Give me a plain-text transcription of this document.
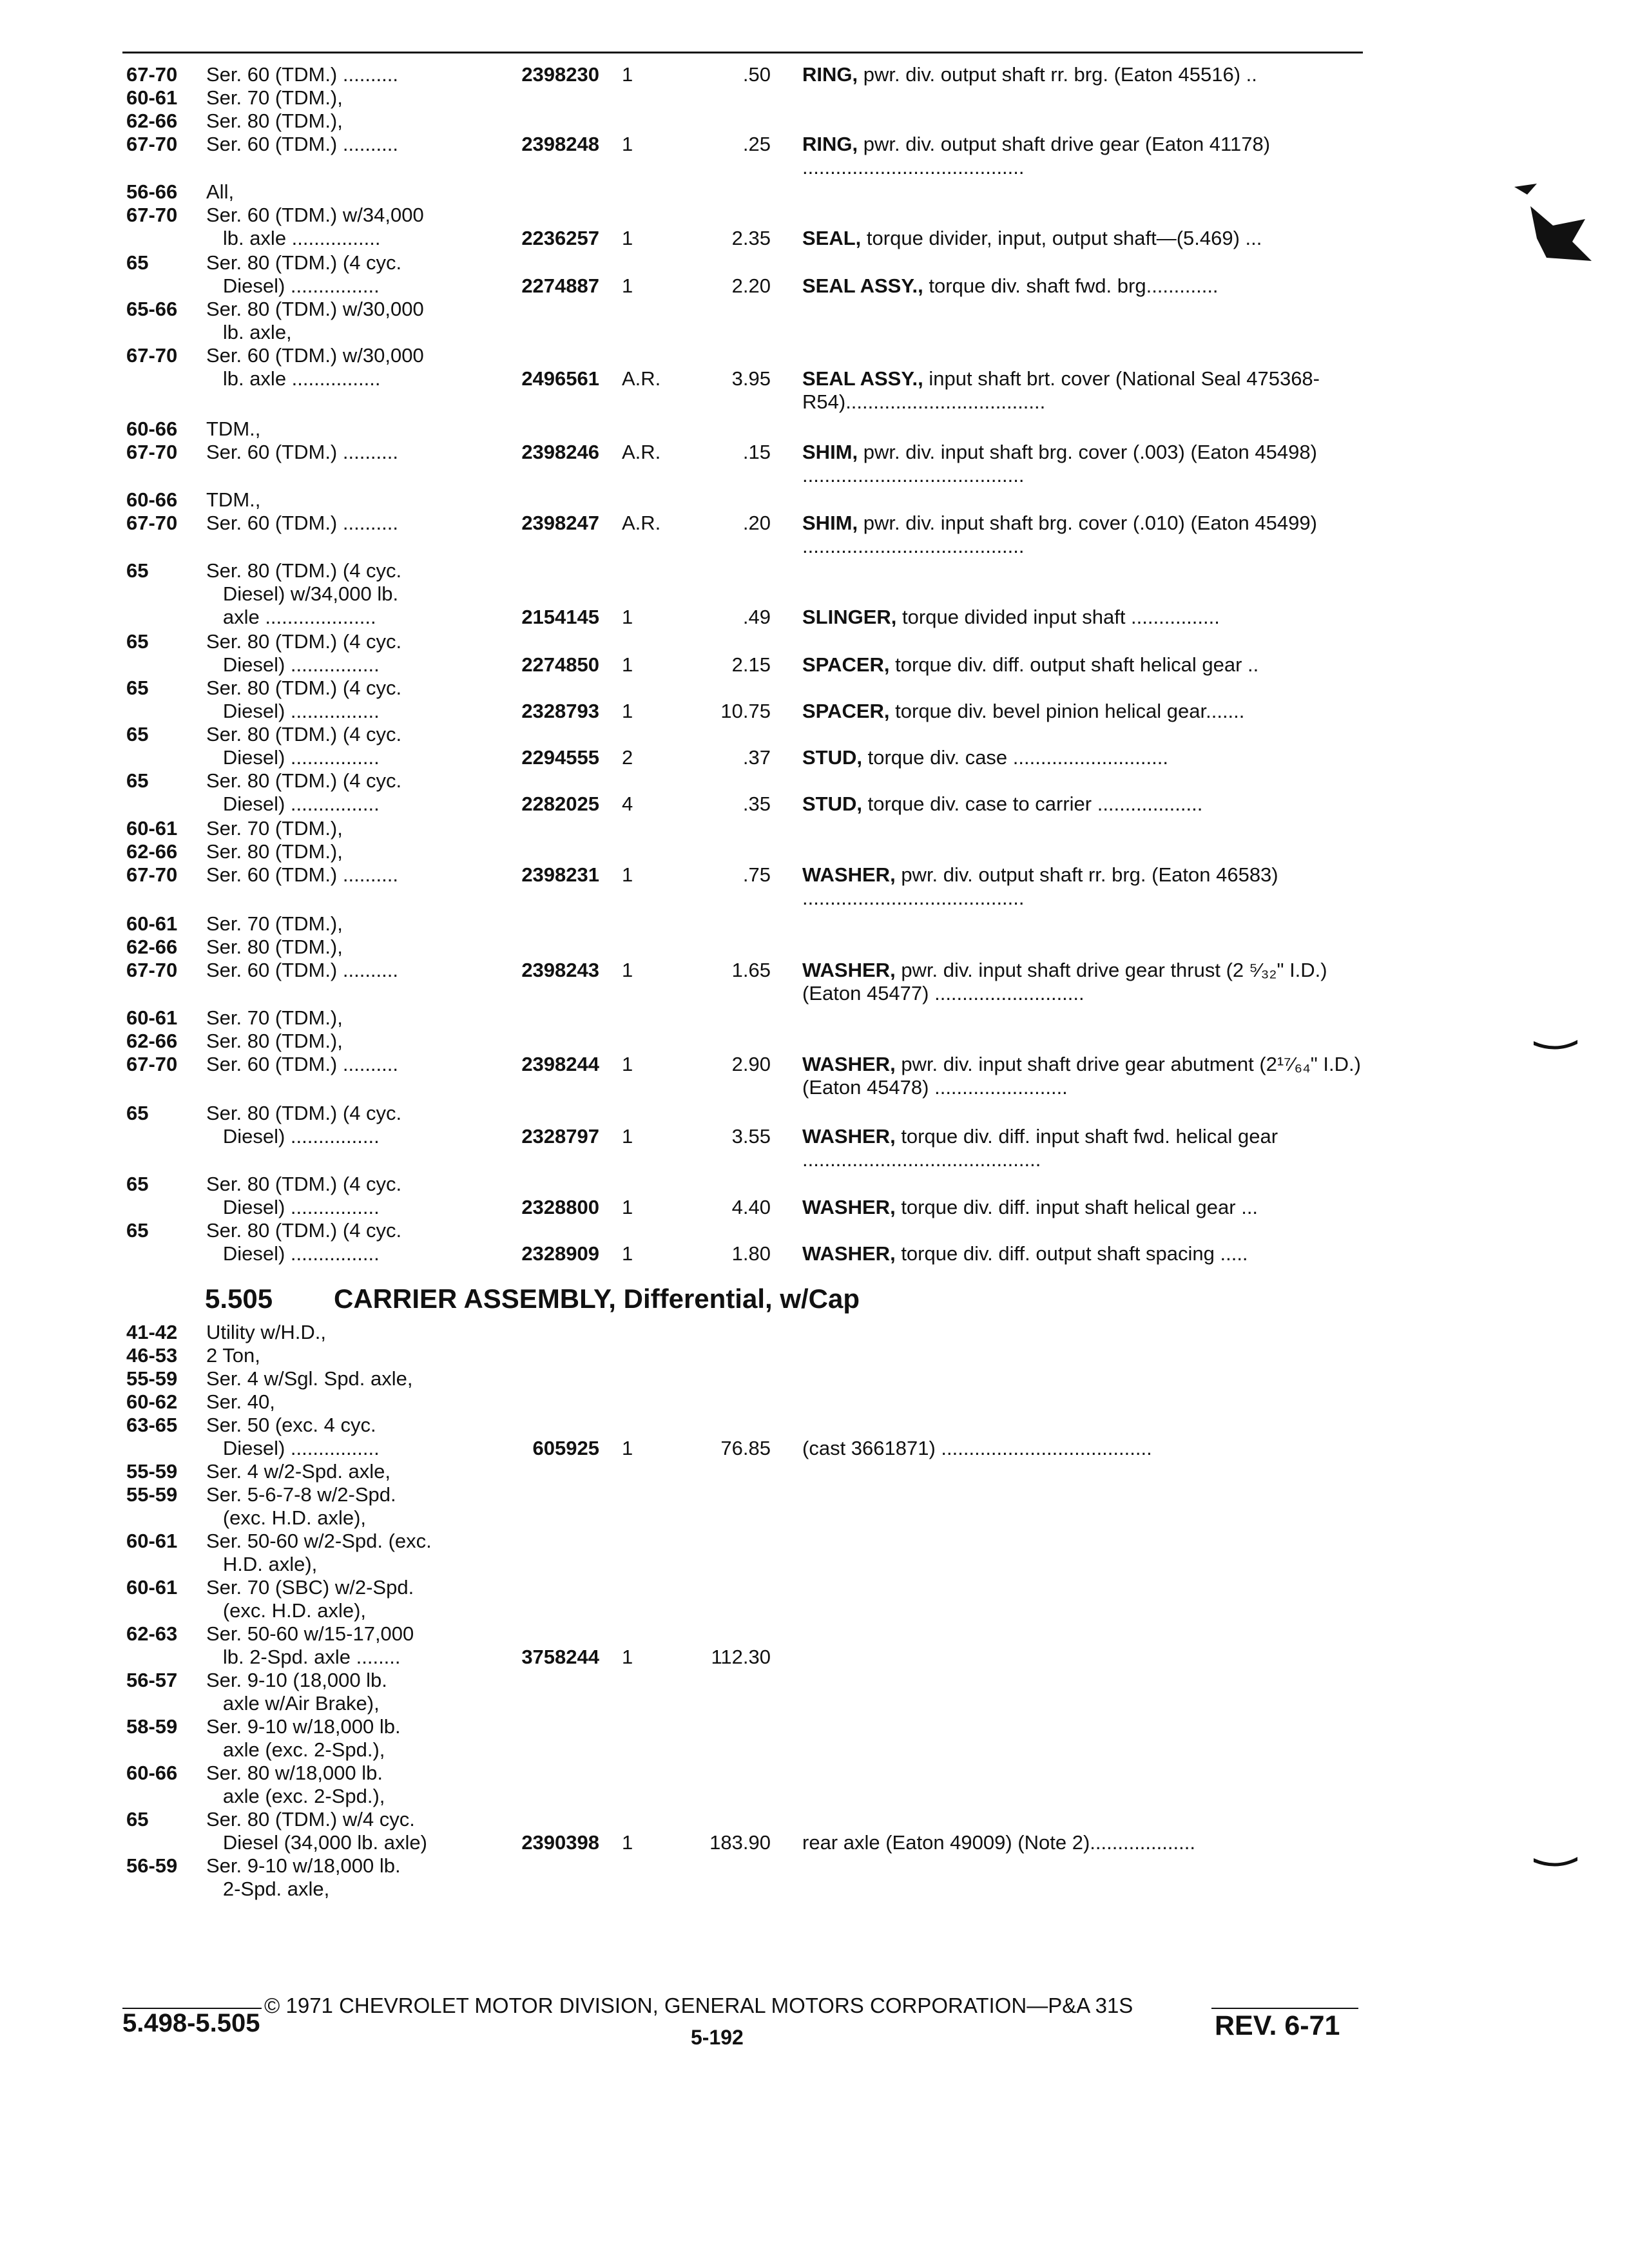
67-70 Ser. 60 (TDM.) ..........	2398230 1	.50 RING, pwr. div. output shaft rr. brg. (Eaton 45516) ..
60-61 Ser. 70 (TDM.),
62-66 Ser. 80 (TDM.),
67-70 Ser. 60 (TDM.) ..........	2398248 1	.25 RING, pwr. div. output shaft drive gear (Eaton 41178) ........................................
56-66 All,
67-70 Ser. 60 (TDM.) w/34,000
lb. axle ................	2236257 1	2.35 SEAL, torque divider, input, output shaft—(5.469) ...
65	Ser. 80 (TDM.) (4 cyc.
Diesel) ................	2274887 1	2.20 SEAL ASSY., torque div. shaft fwd. brg.............
65-66 Ser. 80 (TDM.) w/30,000
lb. axle,
67-70 Ser. 60 (TDM.) w/30,000
lb. axle ................	2496561 A.R.	3.95 SEAL ASSY., input shaft brt. cover (National Seal 475368-R54)....................................
60-66 TDM.,
67-70 Ser. 60 (TDM.) ..........	2398246 A.R.	.15 SHIM, pwr. div. input shaft brg. cover (.003) (Eaton 45498) ........................................
60-66 TDM.,
67-70 Ser. 60 (TDM.) ..........	2398247 A.R.	.20 SHIM, pwr. div. input shaft brg. cover (.010) (Eaton 45499) ........................................
65	Ser. 80 (TDM.) (4 cyc.
Diesel) w/34,000 lb.
axle ....................	2154145 1	.49 SLINGER, torque divided input shaft ................
65	Ser. 80 (TDM.) (4 cyc.
Diesel) ................	2274850 1	2.15 SPACER, torque div. diff. output shaft helical gear ..
65	Ser. 80 (TDM.) (4 cyc.
Diesel) ................	2328793 1	10.75 SPACER, torque div. bevel pinion helical gear.......
65	Ser. 80 (TDM.) (4 cyc.
Diesel) ................	2294555 2	.37 STUD, torque div. case ............................
65	Ser. 80 (TDM.) (4 cyc.
Diesel) ................	2282025 4	.35 STUD, torque div. case to carrier ...................
60-61 Ser. 70 (TDM.),
62-66 Ser. 80 (TDM.),
67-70 Ser. 60 (TDM.) ..........	2398231 1	.75 WASHER, pwr. div. output shaft rr. brg. (Eaton 46583) ........................................
60-61 Ser. 70 (TDM.),
62-66 Ser. 80 (TDM.),
67-70 Ser. 60 (TDM.) ..........	2398243 1	1.65 WASHER, pwr. div. input shaft drive gear thrust (2 ⁵⁄₃₂" I.D.) (Eaton 45477) ...........................
60-61 Ser. 70 (TDM.),
62-66 Ser. 80 (TDM.),
67-70 Ser. 60 (TDM.) ..........	2398244 1	2.90 WASHER, pwr. div. input shaft drive gear abutment (2¹⁷⁄₆₄" I.D.) (Eaton 45478) ........................
65	Ser. 80 (TDM.) (4 cyc.
Diesel) ................	2328797 1	3.55 WASHER, torque div. diff. input shaft fwd. helical gear ...........................................
65	Ser. 80 (TDM.) (4 cyc.
Diesel) ................	2328800 1	4.40 WASHER, torque div. diff. input shaft helical gear ...
65	Ser. 80 (TDM.) (4 cyc.
Diesel) ................	2328909 1	1.80 WASHER, torque div. diff. output shaft spacing .....
41-42 Utility w/H.D.,
46-53 2 Ton,
55-59 Ser. 4 w/Sgl. Spd. axle,
60-62 Ser. 40,
63-65 Ser. 50 (exc. 4 cyc.
Diesel) ................	605925 1	76.85 (cast 3661871) ......................................
55-59 Ser. 4 w/2-Spd. axle,
55-59 Ser. 5-6-7-8 w/2-Spd.
(exc. H.D. axle),
60-61 Ser. 50-60 w/2-Spd. (exc.
H.D. axle),
60-61 Ser. 70 (SBC) w/2-Spd.
(exc. H.D. axle),
62-63 Ser. 50-60 w/15-17,000
lb. 2-Spd. axle ........	3758244 1	112.30
56-57 Ser. 9-10 (18,000 lb.
axle w/Air Brake),
58-59 Ser. 9-10 w/18,000 lb.
axle (exc. 2-Spd.),
60-66 Ser. 80 w/18,000 lb.
axle (exc. 2-Spd.),
65	Ser. 80 (TDM.) w/4 cyc.
Diesel (34,000 lb. axle)	2390398 1	183.90 rear axle (Eaton 49009) (Note 2)...................
56-59 Ser. 9-10 w/18,000 lb.
2-Spd. axle,
5.505 CARRIER ASSEMBLY, Differential, w/Cap
© 1971 CHEVROLET MOTOR DIVISION, GENERAL MOTORS CORPORATION—P&A 31S
5.498-5.505	5-192	REV. 6-71
